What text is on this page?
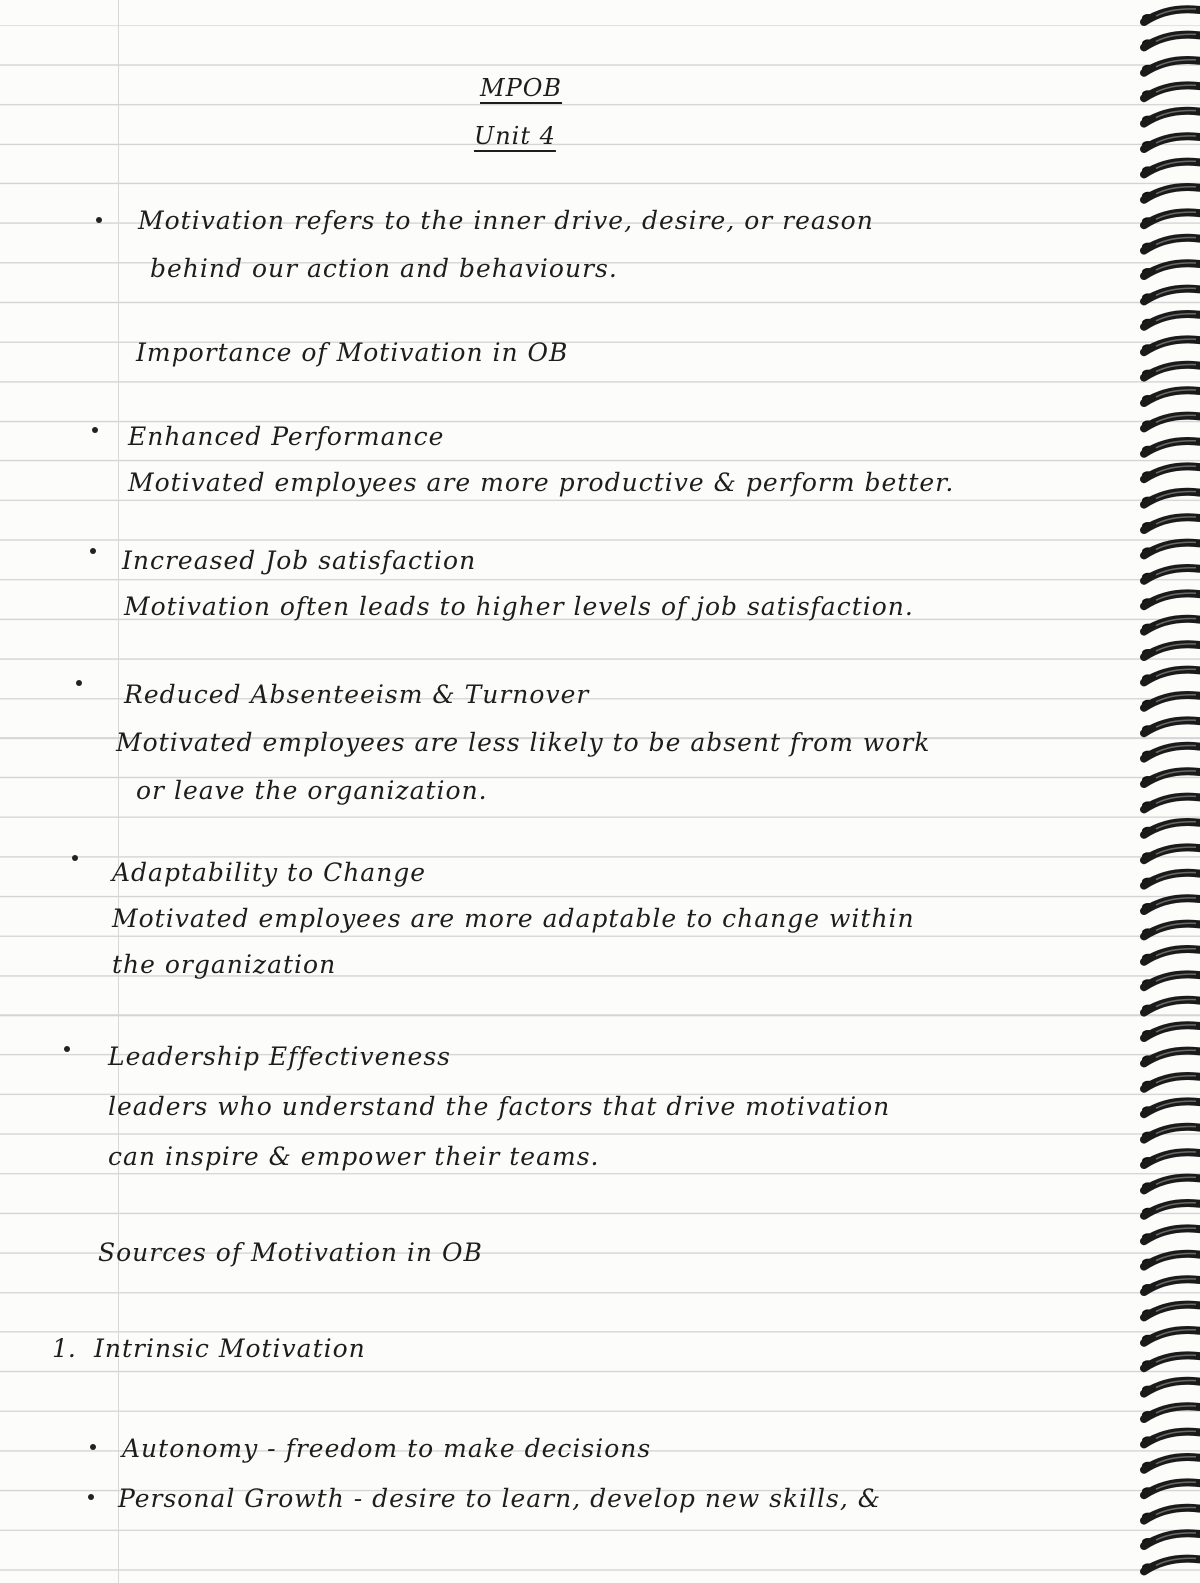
MPOB
Unit 4
Motivation refers to the inner drive, desire, or reason
behind our action and behaviours.
Importance of Motivation in OB
Enhanced Performance
Motivated employees are more productive & perform better.
Increased Job satisfaction
Motivation often leads to higher levels of job satisfaction.
Reduced Absenteeism & Turnover
Motivated employees are less likely to be absent from work
or leave the organization.
Adaptability to Change
Motivated employees are more adaptable to change within
the organization
Leadership Effectiveness
leaders who understand the factors that drive motivation
can inspire & empower their teams.
Sources of Motivation in OB
1. Intrinsic Motivation
Autonomy - freedom to make decisions
Personal Growth - desire to learn, develop new skills, &
